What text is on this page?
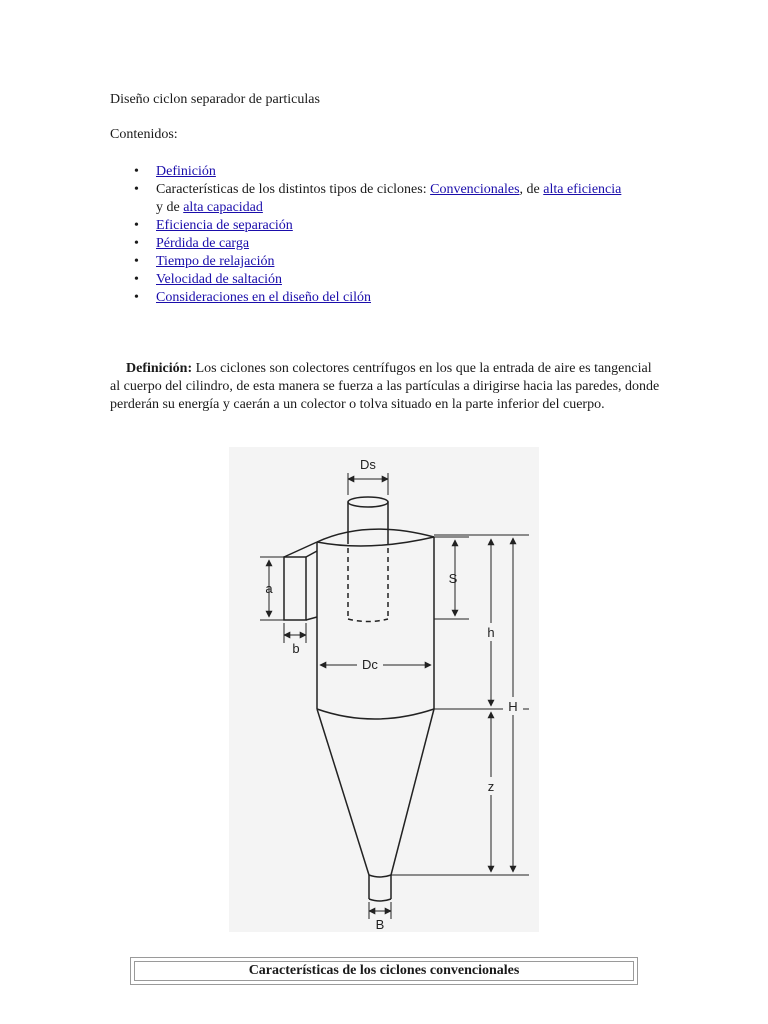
Diseño ciclon separador de particulas
Contenidos:
• Definición
• Características de los distintos tipos de ciclones: Convencionales, de alta eficiencia y de alta capacidad
• Eficiencia de separación
• Pérdida de carga
• Tiempo de relajación
• Velocidad de saltación
• Consideraciones en el diseño del cilón

Definición: Los ciclones son colectores centrífugos en los que la entrada de aire es tangencial al cuerpo del cilindro, de esta manera se fuerza a las partículas a dirigirse hacia las paredes, donde perderán su energía y caerán a un colector o tolva situado en la parte inferior del cuerpo.

Ds
a
b
S
Dc
h
H
z
B
Características de los ciclones convencionales
